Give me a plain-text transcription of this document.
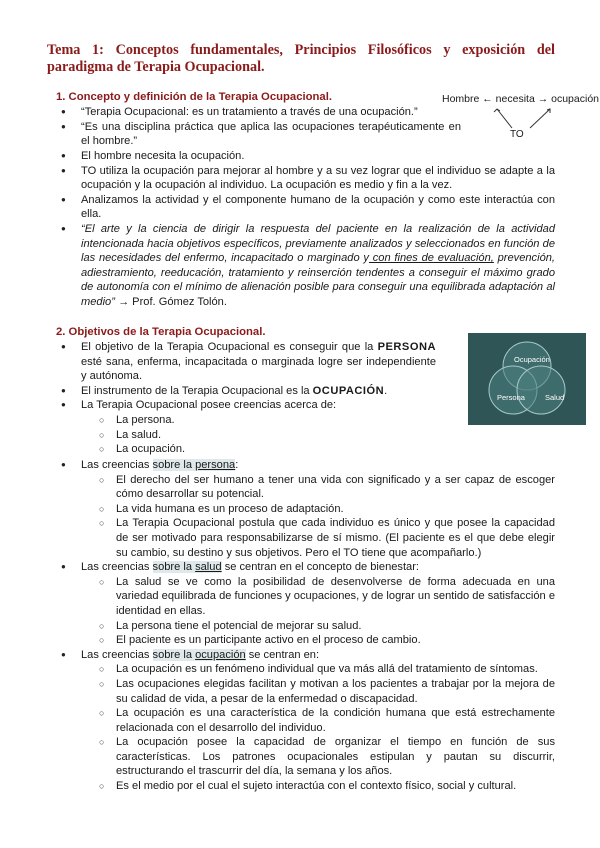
Tema 1: Conceptos fundamentales, Principios Filosóficos y exposición del paradigma de Terapia Ocupacional.
1. Concepto y definición de la Terapia Ocupacional.	Hombre ← necesita → ocupación
TO
● “Terapia Ocupacional: es un tratamiento a través de una ocupación.”
● “Es una disciplina práctica que aplica las ocupaciones terapéuticamente en el hombre.”
● El hombre necesita la ocupación.
● TO utiliza la ocupación para mejorar al hombre y a su vez lograr que el individuo se adapte a la ocupación y la ocupación al individuo. La ocupación es medio y fin a la vez.
● Analizamos la actividad y el componente humano de la ocupación y como este interactúa con ella.
● “El arte y la ciencia de dirigir la respuesta del paciente en la realización de la actividad intencionada hacia objetivos específicos, previamente analizados y seleccionados en función de las necesidades del enfermo, incapacitado o marginado y con fines de evaluación, prevención, adiestramiento, reeducación, tratamiento y reinserción tendentes a conseguir el máximo grado de autonomía con el mínimo de alienación posible para conseguir una equilibrada adaptación al medio” → Prof. Gómez Tolón.
2. Objetivos de la Terapia Ocupacional.
Ocupación
Persona	Salud
● El objetivo de la Terapia Ocupacional es conseguir que la PERSONA esté sana, enferma, incapacitada o marginada logre ser independiente y autónoma.
● El instrumento de la Terapia Ocupacional es la OCUPACIÓN.
● La Terapia Ocupacional posee creencias acerca de:
○ La persona.
○ La salud.
○ La ocupación.
● Las creencias sobre la persona:
○ El derecho del ser humano a tener una vida con significado y a ser capaz de escoger cómo desarrollar su potencial.
○ La vida humana es un proceso de adaptación.
○ La Terapia Ocupacional postula que cada individuo es único y que posee la capacidad de ser motivado para responsabilizarse de sí mismo. (El paciente es el que debe elegir su cambio, su destino y sus objetivos. Pero el TO tiene que acompañarlo.)
● Las creencias sobre la salud se centran en el concepto de bienestar:
○ La salud se ve como la posibilidad de desenvolverse de forma adecuada en una variedad equilibrada de funciones y ocupaciones, y de lograr un sentido de satisfacción e identidad en ellas.
○ La persona tiene el potencial de mejorar su salud.
○ El paciente es un participante activo en el proceso de cambio.
● Las creencias sobre la ocupación se centran en:
○ La ocupación es un fenómeno individual que va más allá del tratamiento de síntomas.
○ Las ocupaciones elegidas facilitan y motivan a los pacientes a trabajar por la mejora de su calidad de vida, a pesar de la enfermedad o discapacidad.
○ La ocupación es una característica de la condición humana que está estrechamente relacionada con el desarrollo del individuo.
○ La ocupación posee la capacidad de organizar el tiempo en función de sus características. Los patrones ocupacionales estipulan y pautan su discurrir, estructurando el trascurrir del día, la semana y los años.
○ Es el medio por el cual el sujeto interactúa con el contexto físico, social y cultural.
